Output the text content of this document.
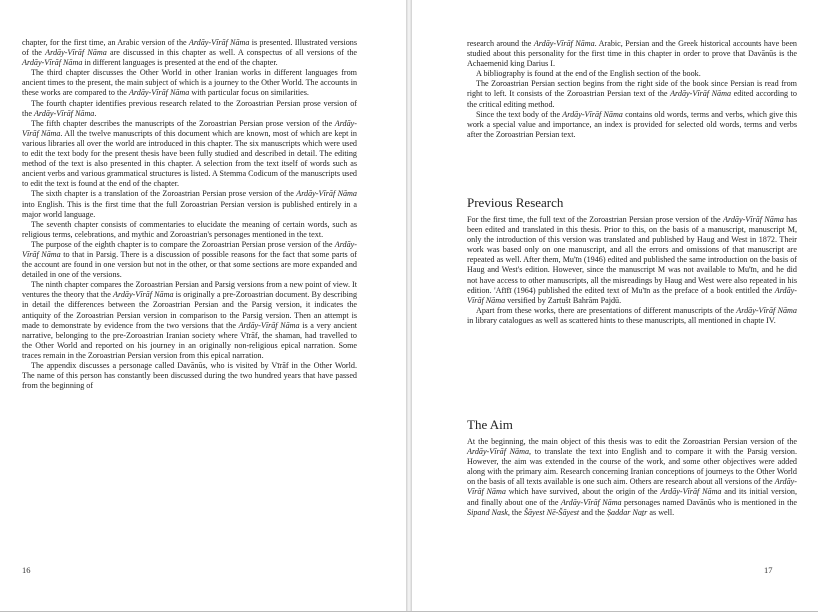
chapter, for the first time, an Arabic version of the Ardāy-Vīrāf Nāma is presented. Illustrated versions of the Ardāy-Vīrāf Nāma are discussed in this chapter as well. A conspectus of all versions of the Ardāy-Vīrāf Nāma in different languages is presented at the end of the chapter.

The third chapter discusses the Other World in other Iranian works in different languages from ancient times to the present, the main subject of which is a journey to the Other World. The accounts in these works are compared to the Ardāy-Vīrāf Nāma with particular focus on similarities.

The fourth chapter identifies previous research related to the Zoroastrian Persian prose version of the Ardāy-Vīrāf Nāma.

The fifth chapter describes the manuscripts of the Zoroastrian Persian prose version of the Ardāy-Vīrāf Nāma. All the twelve manuscripts of this document which are known, most of which are kept in various libraries all over the world are introduced in this chapter. The six manuscripts which were used to edit the text body for the present thesis have been fully studied and described in detail. The editing method of the text is also presented in this chapter. A selection from the text itself of words such as ancient verbs and various grammatical structures is listed. A Stemma Codicum of the manuscripts used to edit the text is found at the end of the chapter.

The sixth chapter is a translation of the Zoroastrian Persian prose version of the Ardāy-Vīrāf Nāma into English. This is the first time that the full Zoroastrian Persian version is published entirely in a major world language.

The seventh chapter consists of commentaries to elucidate the meaning of certain words, such as religious terms, celebrations, and mythic and Zoroastrian's personages mentioned in the text.

The purpose of the eighth chapter is to compare the Zoroastrian Persian prose version of the Ardāy-Vīrāf Nāma to that in Parsig. There is a discussion of possible reasons for the fact that some parts of the account are found in one version but not in the other, or that some sections are more expanded and detailed in one of the versions.

The ninth chapter compares the Zoroastrian Persian and Parsig versions from a new point of view. It ventures the theory that the Ardāy-Vīrāf Nāma is originally a pre-Zoroastrian document. By describing in detail the differences between the Zoroastrian Persian and the Parsig version, it indicates the antiquity of the Zoroastrian Persian version in comparison to the Parsig version. Then an attempt is made to demonstrate by evidence from the two versions that the Ardāy-Vīrāf Nāma is a very ancient narrative, belonging to the pre-Zoroastrian Iranian society where Vīrāf, the shaman, had travelled to the Other World and reported on his journey in an originally non-religious epical narration. Some traces remain in the Zoroastrian Persian version from this epical narration.

The appendix discusses a personage called Davānūs, who is visited by Vīrāf in the Other World. The name of this person has constantly been discussed during the two hundred years that have passed from the beginning of

16

research around the Ardāy-Vīrāf Nāma. Arabic, Persian and the Greek historical accounts have been studied about this personality for the first time in this chapter in order to prove that Davānūs is the Achaemenid king Darius I.

A bibliography is found at the end of the English section of the book.

The Zoroastrian Persian section begins from the right side of the book since Persian is read from right to left. It consists of the Zoroastrian Persian text of the Ardāy-Vīrāf Nāma edited according to the critical editing method.

Since the text body of the Ardāy-Vīrāf Nāma contains old words, terms and verbs, which give this work a special value and importance, an index is provided for selected old words, terms and verbs after the Zoroastrian Persian text.

Previous Research

For the first time, the full text of the Zoroastrian Persian prose version of the Ardāy-Vīrāf Nāma has been edited and translated in this thesis. Prior to this, on the basis of a manuscript, manuscript M, only the introduction of this version was translated and published by Haug and West in 1872. Their work was based only on one manuscript, and all the errors and omissions of that manuscript are repeated as well. After them, Mu'īn (1946) edited and published the same introduction on the basis of Haug and West's edition. However, since the manuscript M was not available to Mu'īn, and he did not have access to other manuscripts, all the misreadings by Haug and West were also repeated in his edition. 'Afīfī (1964) published the edited text of Mu'īn as the preface of a book entitled the Ardāy-Vīrāf Nāma versified by Zartušt Bahrām Pajdū.

Apart from these works, there are presentations of different manuscripts of the Ardāy-Vīrāf Nāma in library catalogues as well as scattered hints to these manuscripts, all mentioned in chapte IV.

The Aim

At the beginning, the main object of this thesis was to edit the Zoroastrian Persian version of the Ardāy-Vīrāf Nāma, to translate the text into English and to compare it with the Parsig version. However, the aim was extended in the course of the work, and some other objectives were added along with the primary aim. Research concerning Iranian conceptions of journeys to the Other World on the basis of all texts available is one such aim. Others are research about all versions of the Ardāy-Vīrāf Nāma which have survived, about the origin of the Ardāy-Vīrāf Nāma and its initial version, and finally about one of the Ardāy-Vīrāf Nāma personages named Davānūs who is mentioned in the Sipand Nask, the Šāyest Nē-Šāyest and the Ṣaddar Naṯr as well.

17
